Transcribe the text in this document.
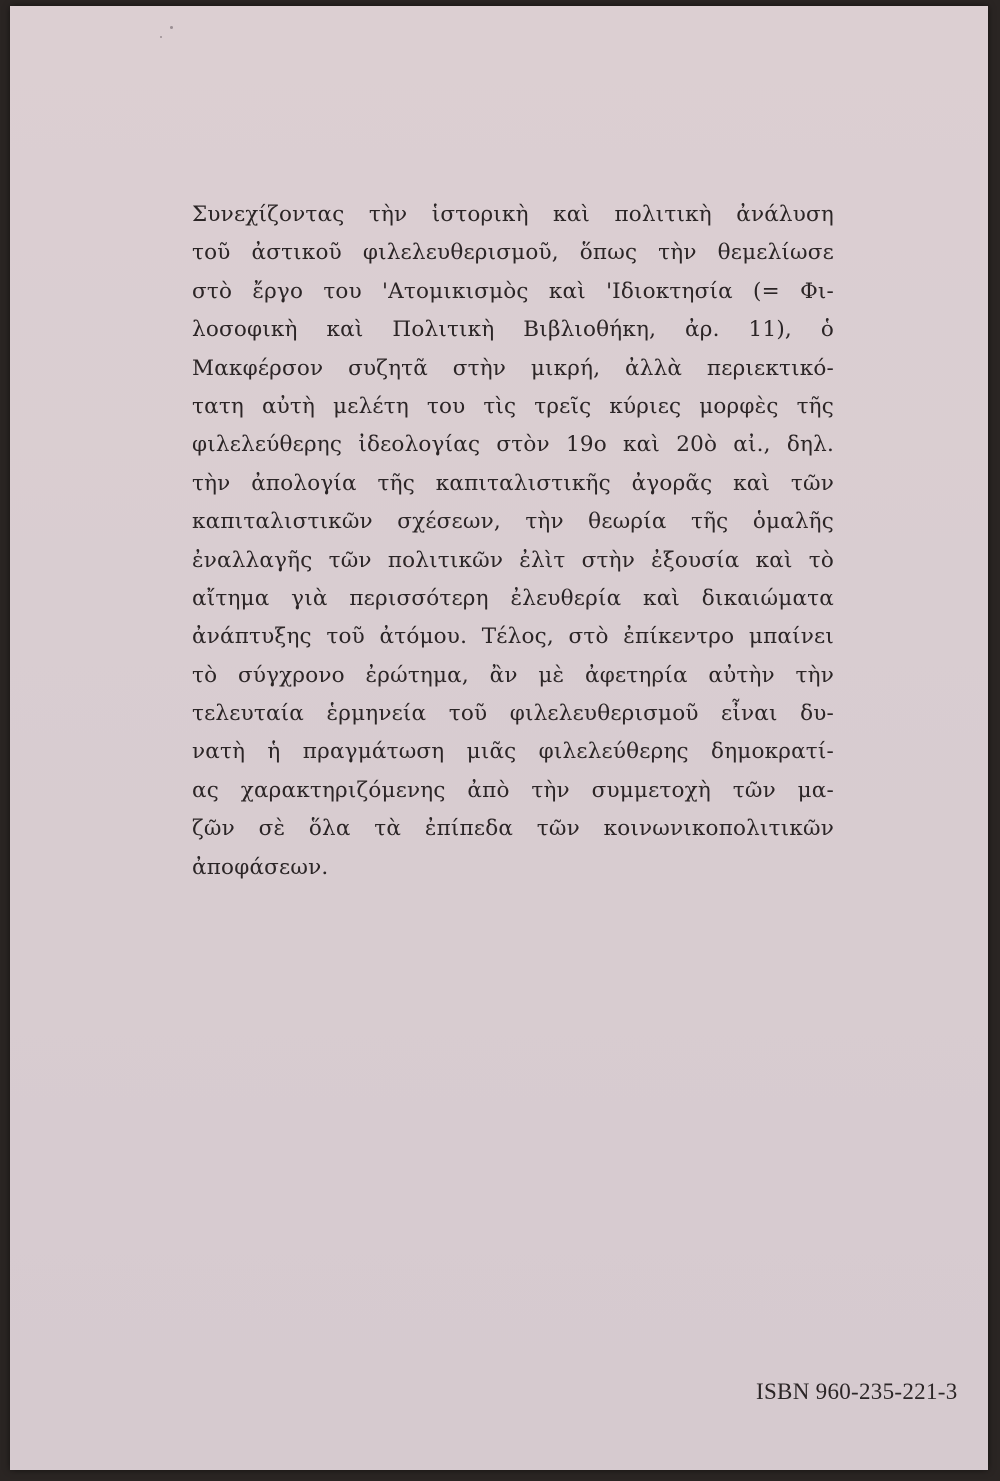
Συνεχίζοντας τὴν ἱστορικὴ καὶ πολιτικὴ ἀνάλυση
τοῦ ἀστικοῦ φιλελευθερισμοῦ, ὅπως τὴν θεμελίωσε
στὸ ἔργο του 'Ατομικισμὸς καὶ 'Ιδιοκτησία (= Φι-
λοσοφικὴ καὶ Πολιτικὴ Βιβλιοθήκη, ἀρ. 11), ὁ
Μακφέρσον συζητᾶ στὴν μικρή, ἀλλὰ περιεκτικό-
τατη αὐτὴ μελέτη του τὶς τρεῖς κύριες μορφὲς τῆς
φιλελεύθερης ἰδεολογίας στὸν 19ο καὶ 20ὸ αἰ., δηλ.
τὴν ἀπολογία τῆς καπιταλιστικῆς ἀγορᾶς καὶ τῶν
καπιταλιστικῶν σχέσεων, τὴν θεωρία τῆς ὁμαλῆς
ἐναλλαγῆς τῶν πολιτικῶν ἐλὶτ στὴν ἐξουσία καὶ τὸ
αἴτημα γιὰ περισσότερη ἐλευθερία καὶ δικαιώματα
ἀνάπτυξης τοῦ ἀτόμου. Τέλος, στὸ ἐπίκεντρο μπαίνει
τὸ σύγχρονο ἐρώτημα, ἂν μὲ ἀφετηρία αὐτὴν τὴν
τελευταία ἑρμηνεία τοῦ φιλελευθερισμοῦ εἶναι δυ-
νατὴ ἡ πραγμάτωση μιᾶς φιλελεύθερης δημοκρατί-
ας χαρακτηριζόμενης ἀπὸ τὴν συμμετοχὴ τῶν μα-
ζῶν σὲ ὅλα τὰ ἐπίπεδα τῶν κοινωνικοπολιτικῶν
ἀποφάσεων.
ISBN 960-235-221-3
